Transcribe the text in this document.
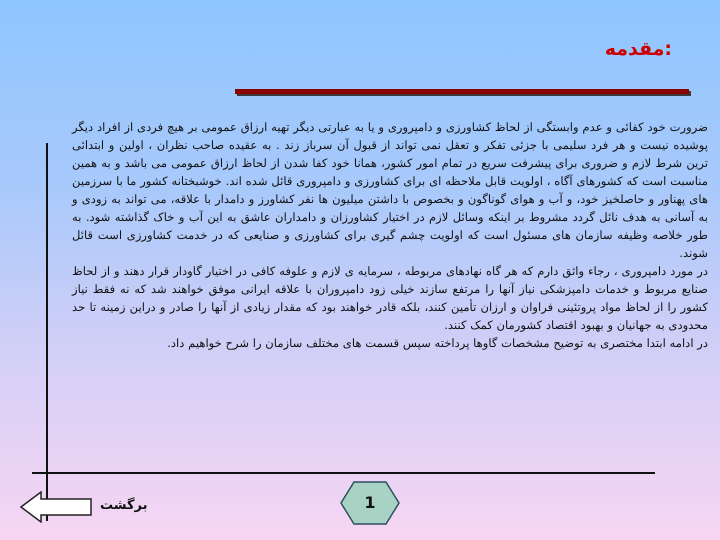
مقدمه:

ضرورت خود کفائی و عدم وابستگی از لحاظ کشاورزی و دامپروری و یا به عبارتی دیگر تهیه ارزاق عمومی بر هیچ فردی از افراد دیگر پوشیده نیست و هر فرد سلیمی با جزئی تفکر و تعقل نمی تواند از قبول آن سرباز زند . به عقیده صاحب نظران ، اولین و ابتدائی ترین شرط لازم و ضروری برای پیشرفت سریع در تمام امور کشور، همانا خود کفا شدن از لحاظ ارزاق عمومی می باشد و به همین مناسبت است که کشورهای آگاه ، اولویت قابل ملاحظه ای برای کشاورزی و دامپروری قائل شده اند. خوشبختانه کشور ما با سرزمین های پهناور و حاصلخیز خود، و آب و هوای گوناگون و بخصوص با داشتن میلیون ها نفر کشاورز و دامدار با علاقه، می تواند به زودی و به آسانی به هدف نائل گردد مشروط بر اینکه وسائل لازم در اختیار کشاورزان و دامداران عاشق به این آب و خاک گذاشته شود. به طور خلاصه وظیفه سازمان های مسئول است که اولویت چشم گیری برای کشاورزی و صنایعی که در خدمت کشاورزی است قائل شوند.

در مورد دامپروری ، رجاء واثق دارم که هر گاه نهادهای مربوطه ، سرمایه ی لازم و علوفه کافی در اختیار گاودار قرار دهند و از لحاظ صنایع مربوط و خدمات دامپزشکی نیاز آنها را مرتفع سازند خیلی زود دامپروران با علاقه ایرانی موفق خواهند شد که نه فقط نیاز کشور را از لحاظ مواد پروتئینی فراوان و ارزان تأمین کنند، بلکه قادر خواهند بود که مقدار زیادی از آنها را صادر و دراین زمینه تا حد محدودی به جهانیان و بهبود اقتصاد کشورمان کمک کنند.

در ادامه ابتدا مختصری به توضیح مشخصات گاوها پرداخته سپس قسمت های مختلف سازمان را شرح خواهیم داد.

برگشت	1
